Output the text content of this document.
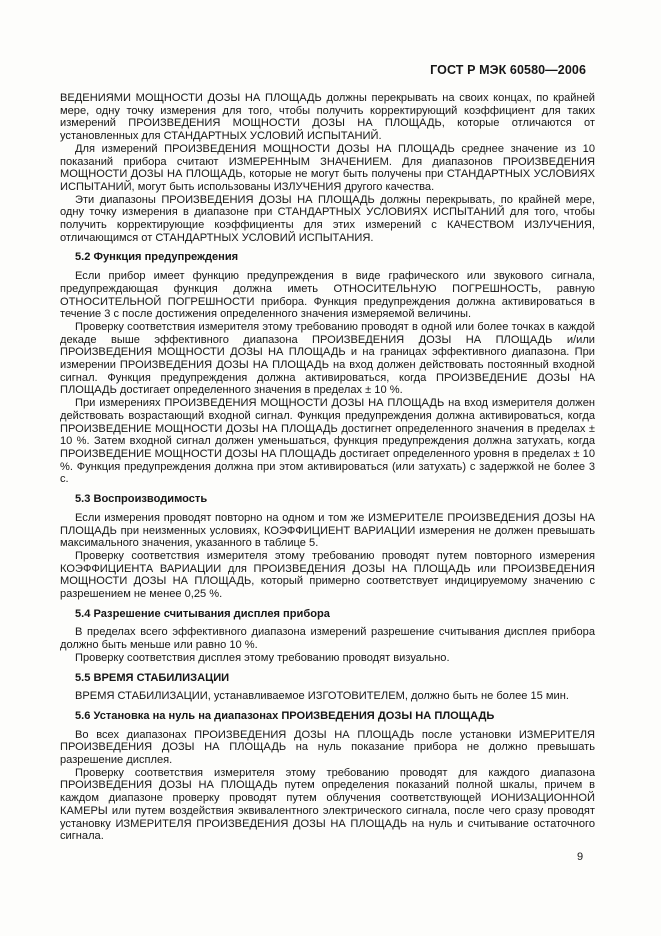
ГОСТ Р МЭК 60580—2006

ВЕДЕНИЯМИ МОЩНОСТИ ДОЗЫ НА ПЛОЩАДЬ должны перекрывать на своих концах, по крайней мере, одну точку измерения для того, чтобы получить корректирующий коэффициент для таких измерений ПРОИЗВЕДЕНИЯ МОЩНОСТИ ДОЗЫ НА ПЛОЩАДЬ, которые отличаются от установленных для СТАНДАРТНЫХ УСЛОВИЙ ИСПЫТАНИЙ.

Для измерений ПРОИЗВЕДЕНИЯ МОЩНОСТИ ДОЗЫ НА ПЛОЩАДЬ среднее значение из 10 показаний прибора считают ИЗМЕРЕННЫМ ЗНАЧЕНИЕМ. Для диапазонов ПРОИЗВЕДЕНИЯ МОЩНОСТИ ДОЗЫ НА ПЛОЩАДЬ, которые не могут быть получены при СТАНДАРТНЫХ УСЛОВИЯХ ИСПЫТАНИЙ, могут быть использованы ИЗЛУЧЕНИЯ другого качества.

Эти диапазоны ПРОИЗВЕДЕНИЯ ДОЗЫ НА ПЛОЩАДЬ должны перекрывать, по крайней мере, одну точку измерения в диапазоне при СТАНДАРТНЫХ УСЛОВИЯХ ИСПЫТАНИЙ для того, чтобы получить корректирующие коэффициенты для этих измерений с КАЧЕСТВОМ ИЗЛУЧЕНИЯ, отличающимся от СТАНДАРТНЫХ УСЛОВИЙ ИСПЫТАНИЯ.

5.2 Функция предупреждения

Если прибор имеет функцию предупреждения в виде графического или звукового сигнала, предупреждающая функция должна иметь ОТНОСИТЕЛЬНУЮ ПОГРЕШНОСТЬ, равную ОТНОСИТЕЛЬНОЙ ПОГРЕШНОСТИ прибора. Функция предупреждения должна активироваться в течение 3 с после достижения определенного значения измеряемой величины.

Проверку соответствия измерителя этому требованию проводят в одной или более точках в каждой декаде выше эффективного диапазона ПРОИЗВЕДЕНИЯ ДОЗЫ НА ПЛОЩАДЬ и/или ПРОИЗВЕДЕНИЯ МОЩНОСТИ ДОЗЫ НА ПЛОЩАДЬ и на границах эффективного диапазона. При измерении ПРОИЗВЕДЕНИЯ ДОЗЫ НА ПЛОЩАДЬ на вход должен действовать постоянный входной сигнал. Функция предупреждения должна активироваться, когда ПРОИЗВЕДЕНИЕ ДОЗЫ НА ПЛОЩАДЬ достигает определенного значения в пределах ± 10 %.

При измерениях ПРОИЗВЕДЕНИЯ МОЩНОСТИ ДОЗЫ НА ПЛОЩАДЬ на вход измерителя должен действовать возрастающий входной сигнал. Функция предупреждения должна активироваться, когда ПРОИЗВЕДЕНИЕ МОЩНОСТИ ДОЗЫ НА ПЛОЩАДЬ достигнет определенного значения в пределах ± 10 %. Затем входной сигнал должен уменьшаться, функция предупреждения должна затухать, когда ПРОИЗВЕДЕНИЕ МОЩНОСТИ ДОЗЫ НА ПЛОЩАДЬ достигает определенного уровня в пределах ± 10 %. Функция предупреждения должна при этом активироваться (или затухать) с задержкой не более 3 с.

5.3 Воспроизводимость

Если измерения проводят повторно на одном и том же ИЗМЕРИТЕЛЕ ПРОИЗВЕДЕНИЯ ДОЗЫ НА ПЛОЩАДЬ при неизменных условиях, КОЭФФИЦИЕНТ ВАРИАЦИИ измерения не должен превышать максимального значения, указанного в таблице 5.

Проверку соответствия измерителя этому требованию проводят путем повторного измерения КОЭФФИЦИЕНТА ВАРИАЦИИ для ПРОИЗВЕДЕНИЯ ДОЗЫ НА ПЛОЩАДЬ или ПРОИЗВЕДЕНИЯ МОЩНОСТИ ДОЗЫ НА ПЛОЩАДЬ, который примерно соответствует индицируемому значению с разрешением не менее 0,25 %.

5.4 Разрешение считывания дисплея прибора

В пределах всего эффективного диапазона измерений разрешение считывания дисплея прибора должно быть меньше или равно 10 %.

Проверку соответствия дисплея этому требованию проводят визуально.

5.5 ВРЕМЯ СТАБИЛИЗАЦИИ

ВРЕМЯ СТАБИЛИЗАЦИИ, устанавливаемое ИЗГОТОВИТЕЛЕМ, должно быть не более 15 мин.

5.6 Установка на нуль на диапазонах ПРОИЗВЕДЕНИЯ ДОЗЫ НА ПЛОЩАДЬ

Во всех диапазонах ПРОИЗВЕДЕНИЯ ДОЗЫ НА ПЛОЩАДЬ после установки ИЗМЕРИТЕЛЯ ПРОИЗВЕДЕНИЯ ДОЗЫ НА ПЛОЩАДЬ на нуль показание прибора не должно превышать разрешение дисплея.

Проверку соответствия измерителя этому требованию проводят для каждого диапазона ПРОИЗВЕДЕНИЯ ДОЗЫ НА ПЛОЩАДЬ путем определения показаний полной шкалы, причем в каждом диапазоне проверку проводят путем облучения соответствующей ИОНИЗАЦИОННОЙ КАМЕРЫ или путем воздействия эквивалентного электрического сигнала, после чего сразу проводят установку ИЗМЕРИТЕЛЯ ПРОИЗВЕДЕНИЯ ДОЗЫ НА ПЛОЩАДЬ на нуль и считывание остаточного сигнала.

9
